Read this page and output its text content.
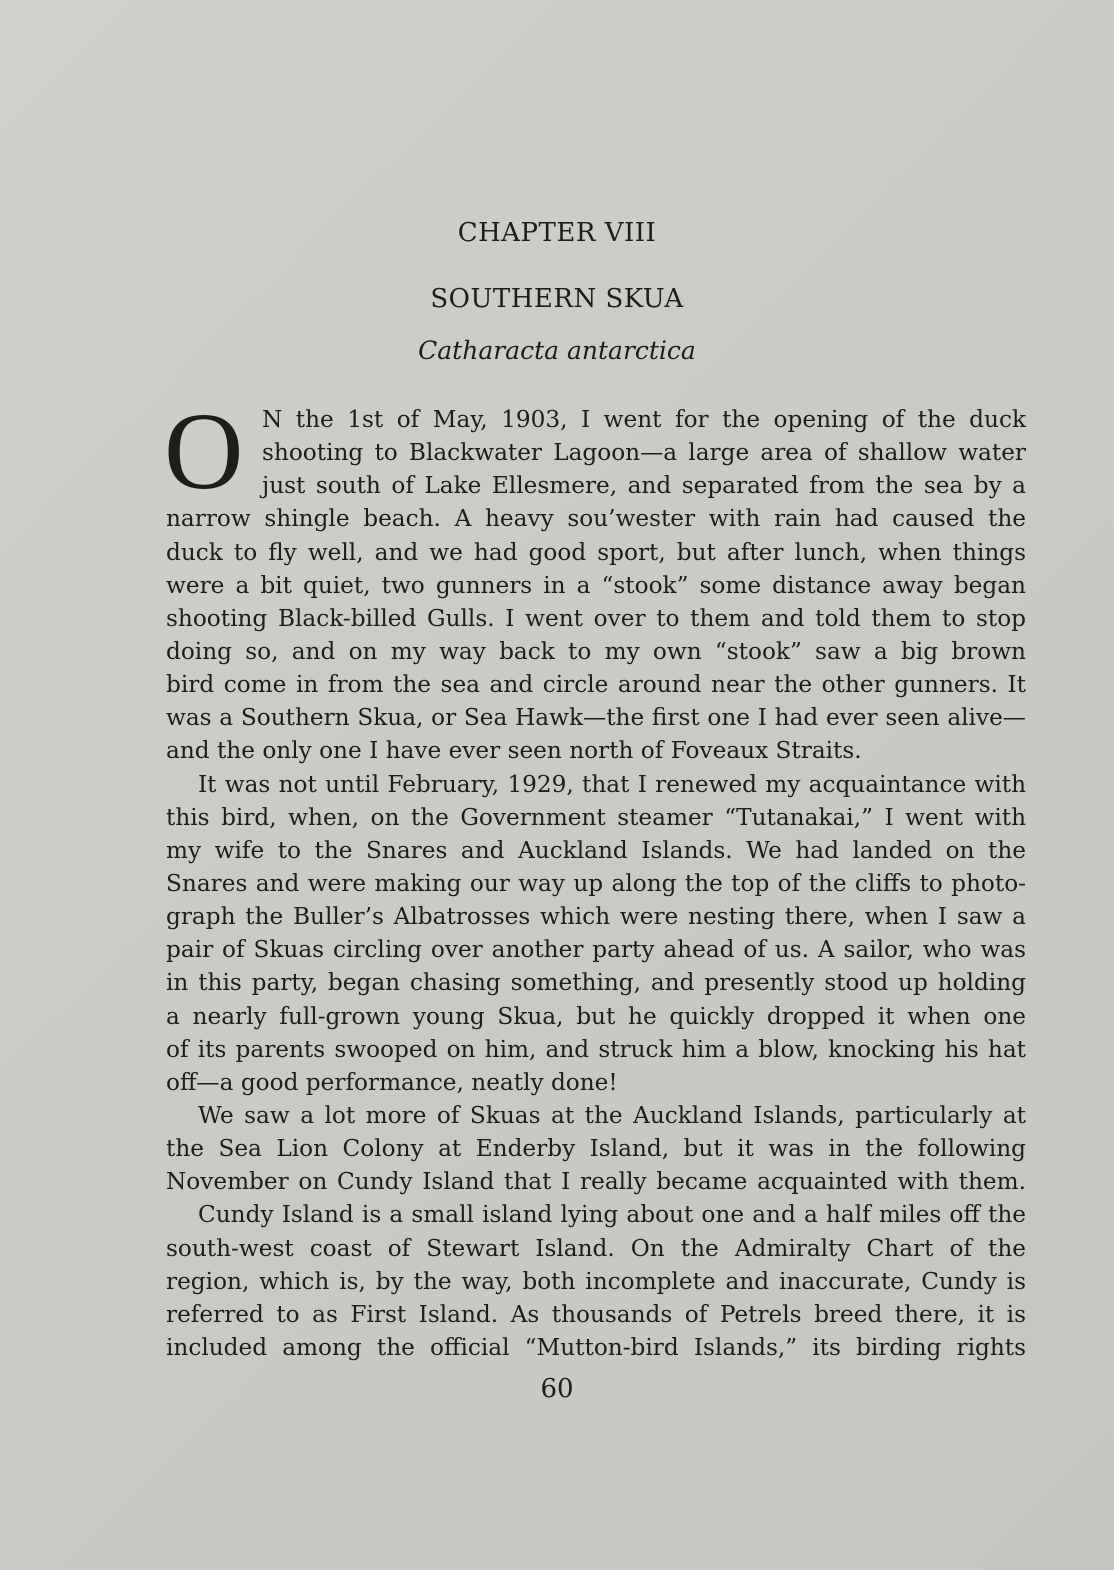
CHAPTER VIII
SOUTHERN SKUA
Catharacta antarctica
O N the 1st of May, 1903, I went for the opening of the duck
shooting to Blackwater Lagoon—a large area of shallow water
just south of Lake Ellesmere, and separated from the sea by a
narrow shingle beach. A heavy sou’wester with rain had caused the
duck to fly well, and we had good sport, but after lunch, when things
were a bit quiet, two gunners in a “stook” some distance away began
shooting Black-billed Gulls. I went over to them and told them to stop
doing so, and on my way back to my own “stook” saw a big brown
bird come in from the sea and circle around near the other gunners. It
was a Southern Skua, or Sea Hawk—the first one I had ever seen alive—
and the only one I have ever seen north of Foveaux Straits.
It was not until February, 1929, that I renewed my acquaintance with
this bird, when, on the Government steamer “Tutanakai,” I went with
my wife to the Snares and Auckland Islands. We had landed on the
Snares and were making our way up along the top of the cliffs to photo-
graph the Buller’s Albatrosses which were nesting there, when I saw a
pair of Skuas circling over another party ahead of us. A sailor, who was
in this party, began chasing something, and presently stood up holding
a nearly full-grown young Skua, but he quickly dropped it when one
of its parents swooped on him, and struck him a blow, knocking his hat
off—a good performance, neatly done!
We saw a lot more of Skuas at the Auckland Islands, particularly at
the Sea Lion Colony at Enderby Island, but it was in the following
November on Cundy Island that I really became acquainted with them.
Cundy Island is a small island lying about one and a half miles off the
south-west coast of Stewart Island. On the Admiralty Chart of the
region, which is, by the way, both incomplete and inaccurate, Cundy is
referred to as First Island. As thousands of Petrels breed there, it is
included among the official “Mutton-bird Islands,” its birding rights
60
